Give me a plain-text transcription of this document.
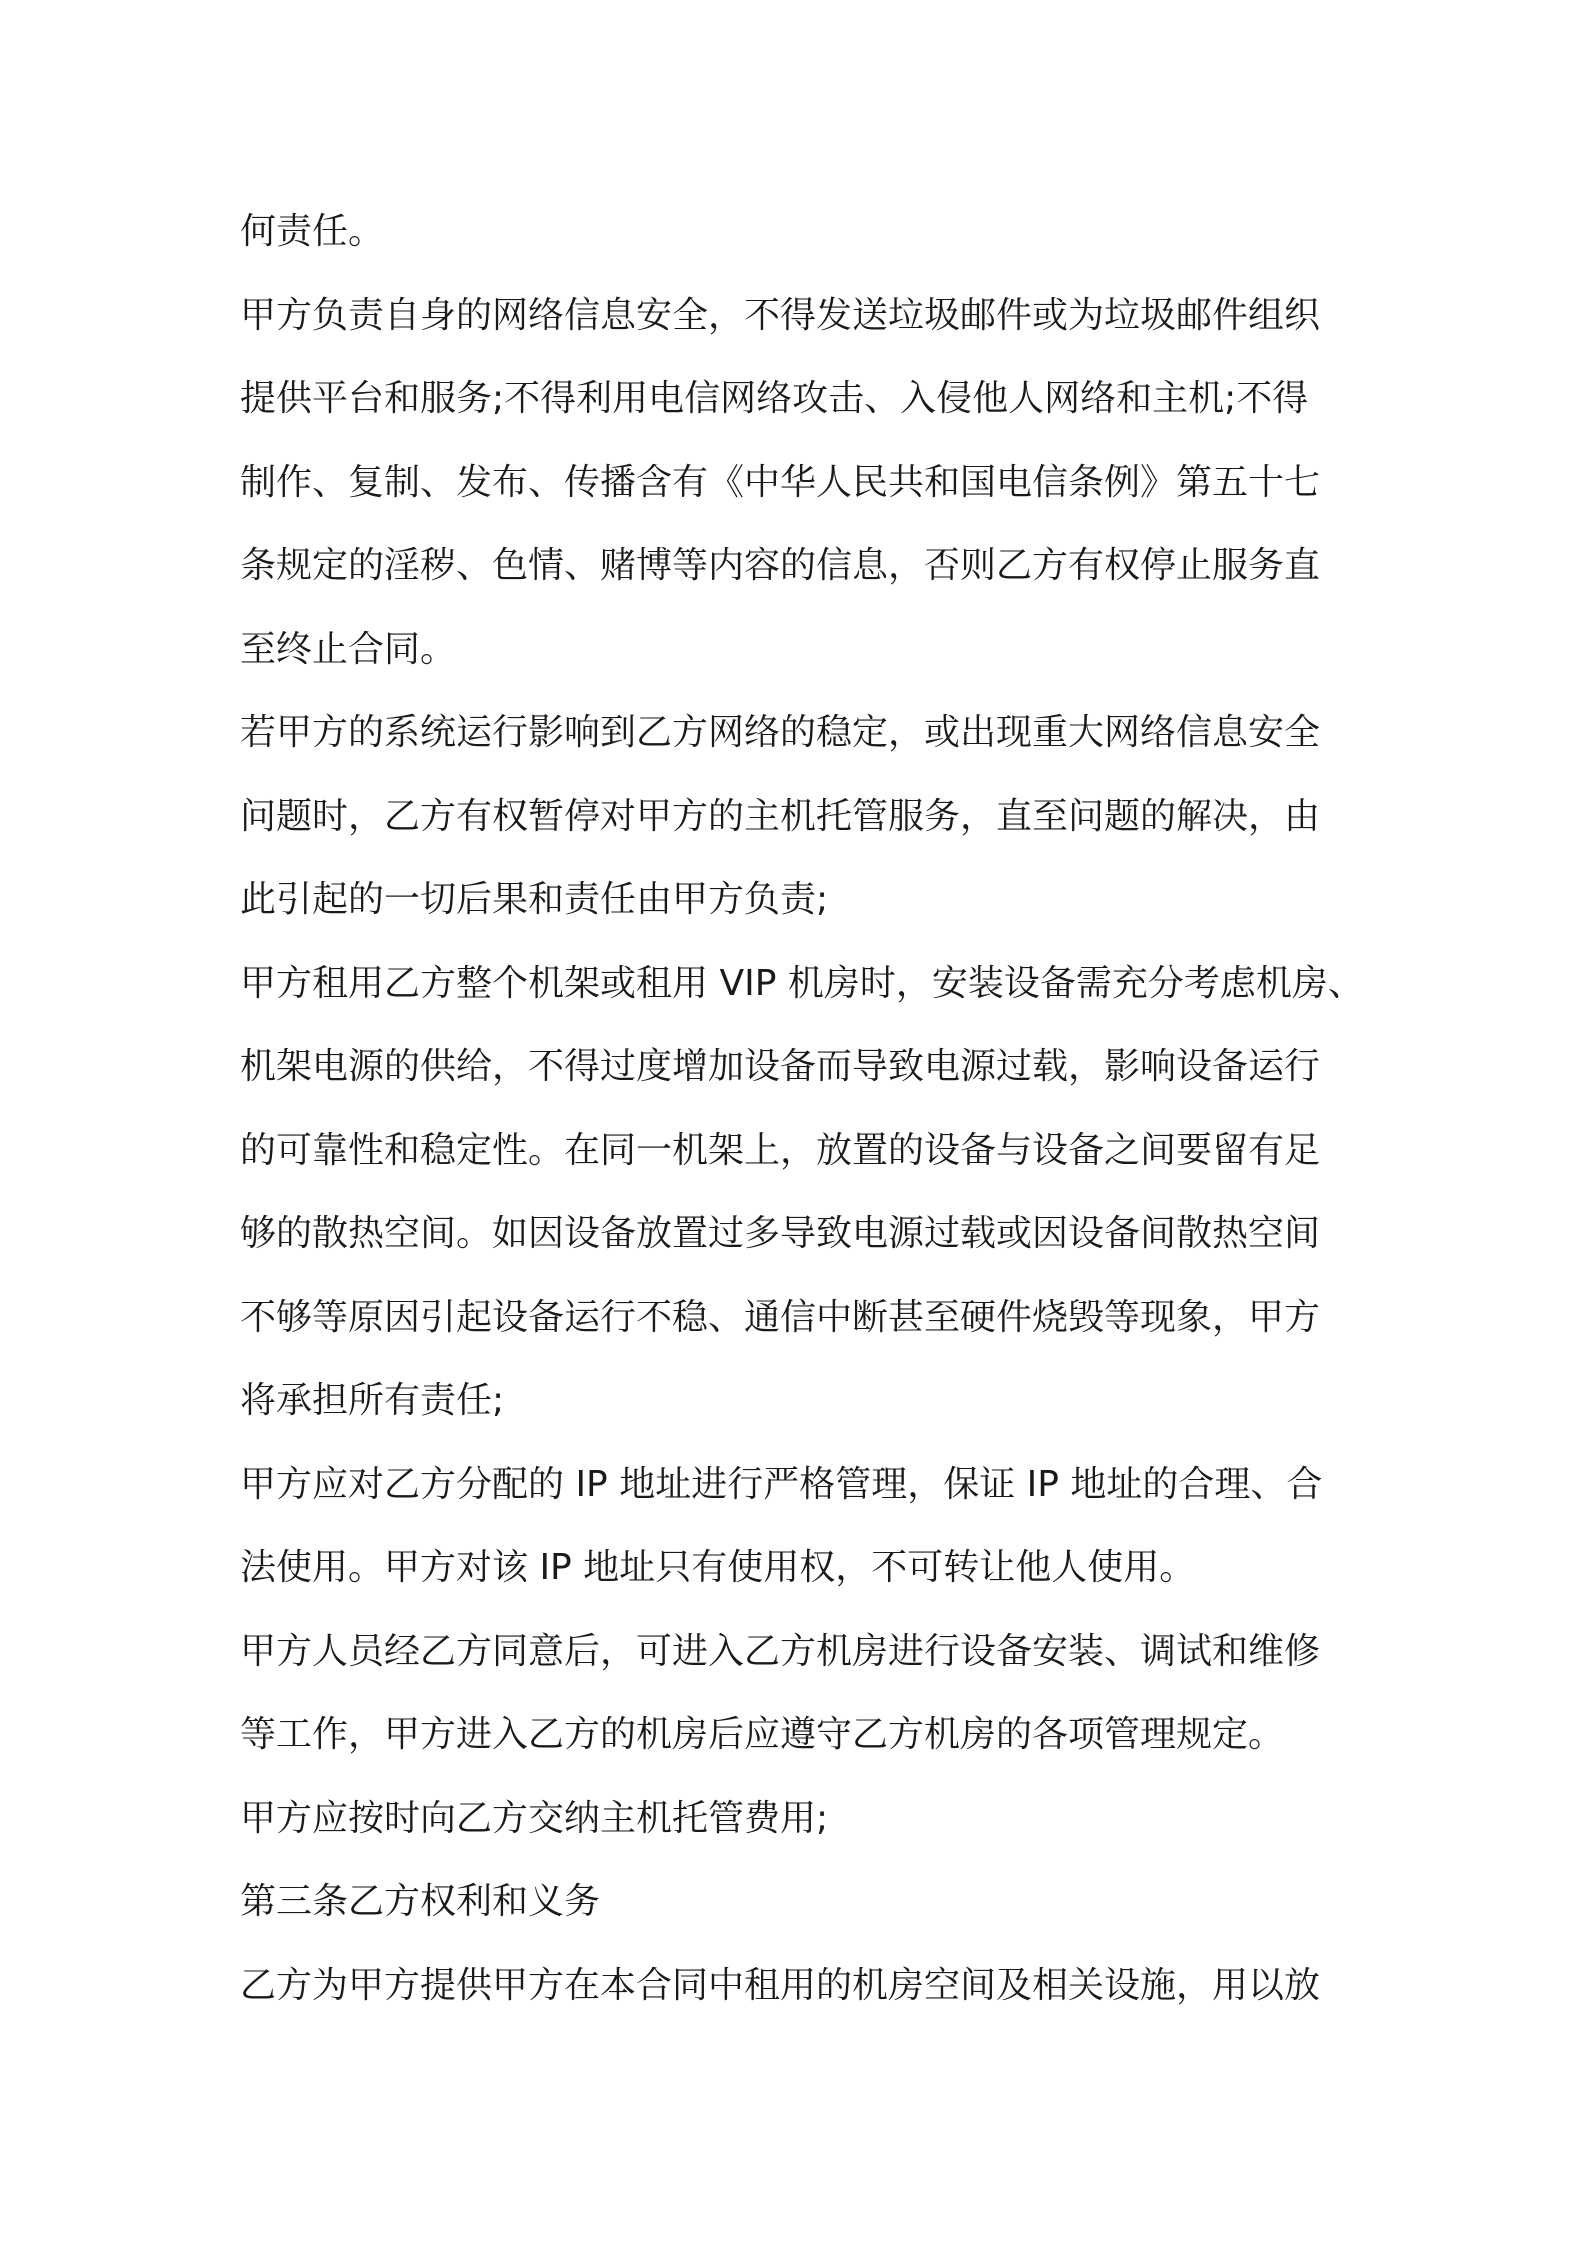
何责任。
甲方负责自身的网络信息安全，不得发送垃圾邮件或为垃圾邮件组织
提供平台和服务;不得利用电信网络攻击、入侵他人网络和主机;不得
制作、复制、发布、传播含有《中华人民共和国电信条例》第五十七
条规定的淫秽、色情、赌博等内容的信息，否则乙方有权停止服务直
至终止合同。
若甲方的系统运行影响到乙方网络的稳定，或出现重大网络信息安全
问题时，乙方有权暂停对甲方的主机托管服务，直至问题的解决，由
此引起的一切后果和责任由甲方负责;
甲方租用乙方整个机架或租用 VIP 机房时，安装设备需充分考虑机房、
机架电源的供给，不得过度增加设备而导致电源过载，影响设备运行
的可靠性和稳定性。在同一机架上，放置的设备与设备之间要留有足
够的散热空间。如因设备放置过多导致电源过载或因设备间散热空间
不够等原因引起设备运行不稳、通信中断甚至硬件烧毁等现象，甲方
将承担所有责任;
甲方应对乙方分配的 IP 地址进行严格管理，保证 IP 地址的合理、合
法使用。甲方对该 IP 地址只有使用权，不可转让他人使用。
甲方人员经乙方同意后，可进入乙方机房进行设备安装、调试和维修
等工作，甲方进入乙方的机房后应遵守乙方机房的各项管理规定。
甲方应按时向乙方交纳主机托管费用;
第三条乙方权利和义务
乙方为甲方提供甲方在本合同中租用的机房空间及相关设施，用以放
